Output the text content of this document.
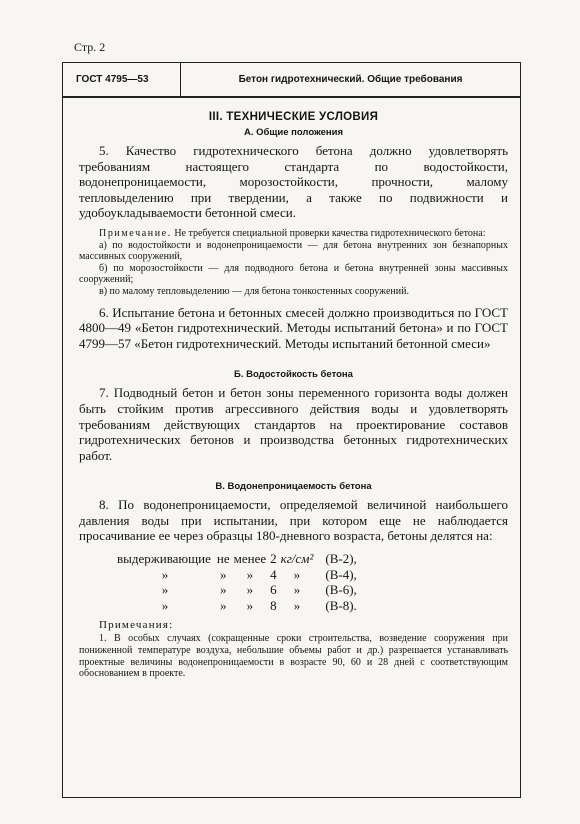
Стр. 2
ГОСТ 4795—53	Бетон гидротехнический. Общие требования
III. ТЕХНИЧЕСКИЕ УСЛОВИЯ
А. Общие положения

5. Качество гидротехнического бетона должно удовлетворять требованиям настоящего стандарта по водостойкости, водонепроницаемости, морозостойкости, прочности, малому тепловыделению при твердении, а также по подвижности и удобоукладываемости бетонной смеси.

Примечание. Не требуется специальной проверки качества гидротехнического бетона:

а) по водостойкости и водонепроницаемости — для бетона внутренних зон безнапорных массивных сооружений,

б) по морозостойкости — для подводного бетона и бетона внутренней зоны массивных сооружений;

в) по малому тепловыделению — для бетона тонкостенных сооружений.

6. Испытание бетона и бетонных смесей должно производиться по ГОСТ 4800—49 «Бетон гидротехнический. Методы испытаний бетона» и по ГОСТ 4799—57 «Бетон гидротехнический. Методы испытаний бетонной смеси»

Б. Водостойкость бетона

7. Подводный бетон и бетон зоны переменного горизонта воды должен быть стойким против агрессивного действия воды и удовлетворять требованиям действующих стандартов на проектирование составов гидротехнических бетонов и производства бетонных гидротехнических работ.

В. Водонепроницаемость бетона

8. По водонепроницаемости, определяемой величиной наибольшего давления воды при испытании, при котором еще не наблюдается просачивание ее через образцы 180-дневного возраста, бетоны делятся на:

выдерживающие	не	менее	2	кг/см²	(В-2),
»	»	»	4	»	(В-4),
»	»	»	6	»	(В-6),
»	»	»	8	»	(В-8).
Примечания:

1. В особых случаях (сокращенные сроки строительства, возведение сооружения при пониженной температуре воздуха, небольшие объемы работ и др.) разрешается устанавливать проектные величины водонепроницаемости в возрасте 90, 60 и 28 дней с соответствующим обоснованием в проекте.
